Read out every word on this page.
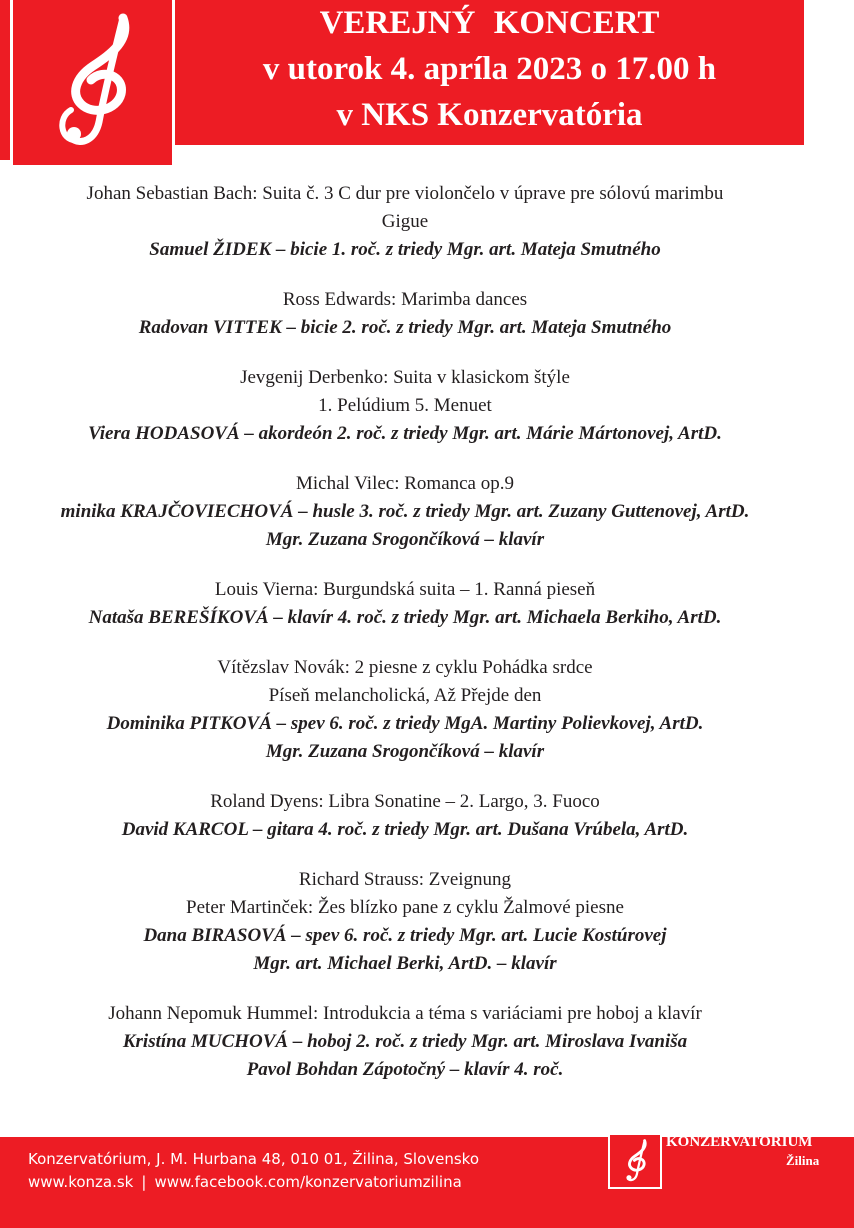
VEREJNÝ KONCERT
v utorok 4. apríla 2023 o 17.00 h
v NKS Konzervatória
Johan Sebastian Bach: Suita č. 3 C dur pre violončelo v úprave pre sólovú marimbu
Gigue
Samuel ŽIDEK – bicie 1. roč. z triedy Mgr. art. Mateja Smutného
Ross Edwards: Marimba dances
Radovan VITTEK – bicie 2. roč. z triedy Mgr. art. Mateja Smutného
Jevgenij Derbenko: Suita v klasickom štýle
1. Pelúdium 5. Menuet
Viera HODASOVÁ – akordeón 2. roč. z triedy Mgr. art. Márie Mártonovej, ArtD.
Michal Vilec: Romanca op.9
minika KRAJČOVIECHOVÁ – husle 3. roč. z triedy Mgr. art. Zuzany Guttenovej, ArtD.
Mgr. Zuzana Srogončíková – klavír
Louis Vierna: Burgundská suita – 1. Ranná pieseň
Nataša BEREŠÍKOVÁ – klavír 4. roč. z triedy Mgr. art. Michaela Berkiho, ArtD.
Vítězslav Novák: 2 piesne z cyklu Pohádka srdce
Píseň melancholická, Až Přejde den
Dominika PITKOVÁ – spev 6. roč. z triedy MgA. Martiny Polievkovej, ArtD.
Mgr. Zuzana Srogončíková – klavír
Roland Dyens: Libra Sonatine – 2. Largo, 3. Fuoco
David KARCOL – gitara 4. roč. z triedy Mgr. art. Dušana Vrúbela, ArtD.
Richard Strauss: Zveignung
Peter Martinček: Žes blízko pane z cyklu Žalmové piesne
Dana BIRASOVÁ – spev 6. roč. z triedy Mgr. art. Lucie Kostúrovej
Mgr. art. Michael Berki, ArtD. – klavír
Johann Nepomuk Hummel: Introdukcia a téma s variáciami pre hoboj a klavír
Kristína MUCHOVÁ – hoboj 2. roč. z triedy Mgr. art. Miroslava Ivaniša
Pavol Bohdan Zápotočný – klavír 4. roč.
Konzervatórium, J. M. Hurbana 48, 010 01, Žilina, Slovensko
www.konza.sk | www.facebook.com/konzervatoriumzilina
KONZERVATÓRIUM
Žilina
